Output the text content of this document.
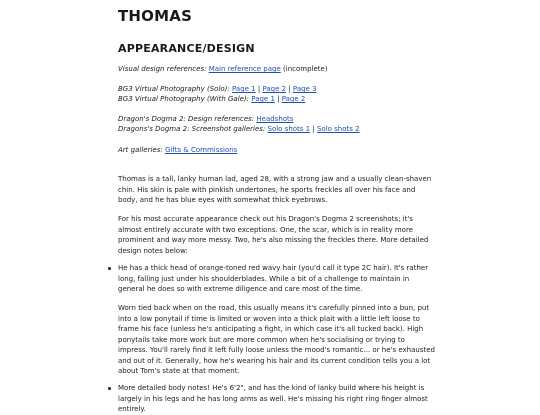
THOMAS
APPEARANCE/DESIGN

Visual design references: Main reference page (incomplete)

BG3 Virtual Photography (Solo): Page 1 | Page 2 | Page 3

BG3 Virtual Photography (With Gale): Page 1 | Page 2

Dragon's Dogma 2: Design references: Headshots

Dragons's Dogma 2: Screenshot galleries: Solo shots 1 | Solo shots 2

Art galleries: Gifts & Commissions

Thomas is a tall, lanky human lad, aged 28, with a strong jaw and a usually clean-shaven chin. His skin is pale with pinkish undertones, he sports freckles all over his face and body, and he has blue eyes with somewhat thick eyebrows.

For his most accurate appearance check out his Dragon's Dogma 2 screenshots; it's almost entirely accurate with two exceptions. One, the scar, which is in reality more prominent and way more messy. Two, he's also missing the freckles there. More detailed design notes below:

He has a thick head of orange-toned red wavy hair (you'd call it type 2C hair). It's rather long, falling just under his shoulderblades. While a bit of a challenge to maintain in general he does so with extreme diligence and care most of the time.

Worn tied back when on the road, this usually means it's carefully pinned into a bun, put into a low ponytail if time is limited or woven into a thick plait with a little left loose to frame his face (unless he's anticipating a fight, in which case it's all tucked back). High ponytails take more work but are more common when he's socialising or trying to impress. You'll rarely find it left fully loose unless the mood's romantic... or he's exhausted and out of it. Generally, how he's wearing his hair and its current condition tells you a lot about Tom's state at that moment.

More detailed body notes! He's 6'2", and has the kind of lanky build where his height is largely in his legs and he has long arms as well. He's missing his right ring finger almost entirely.
